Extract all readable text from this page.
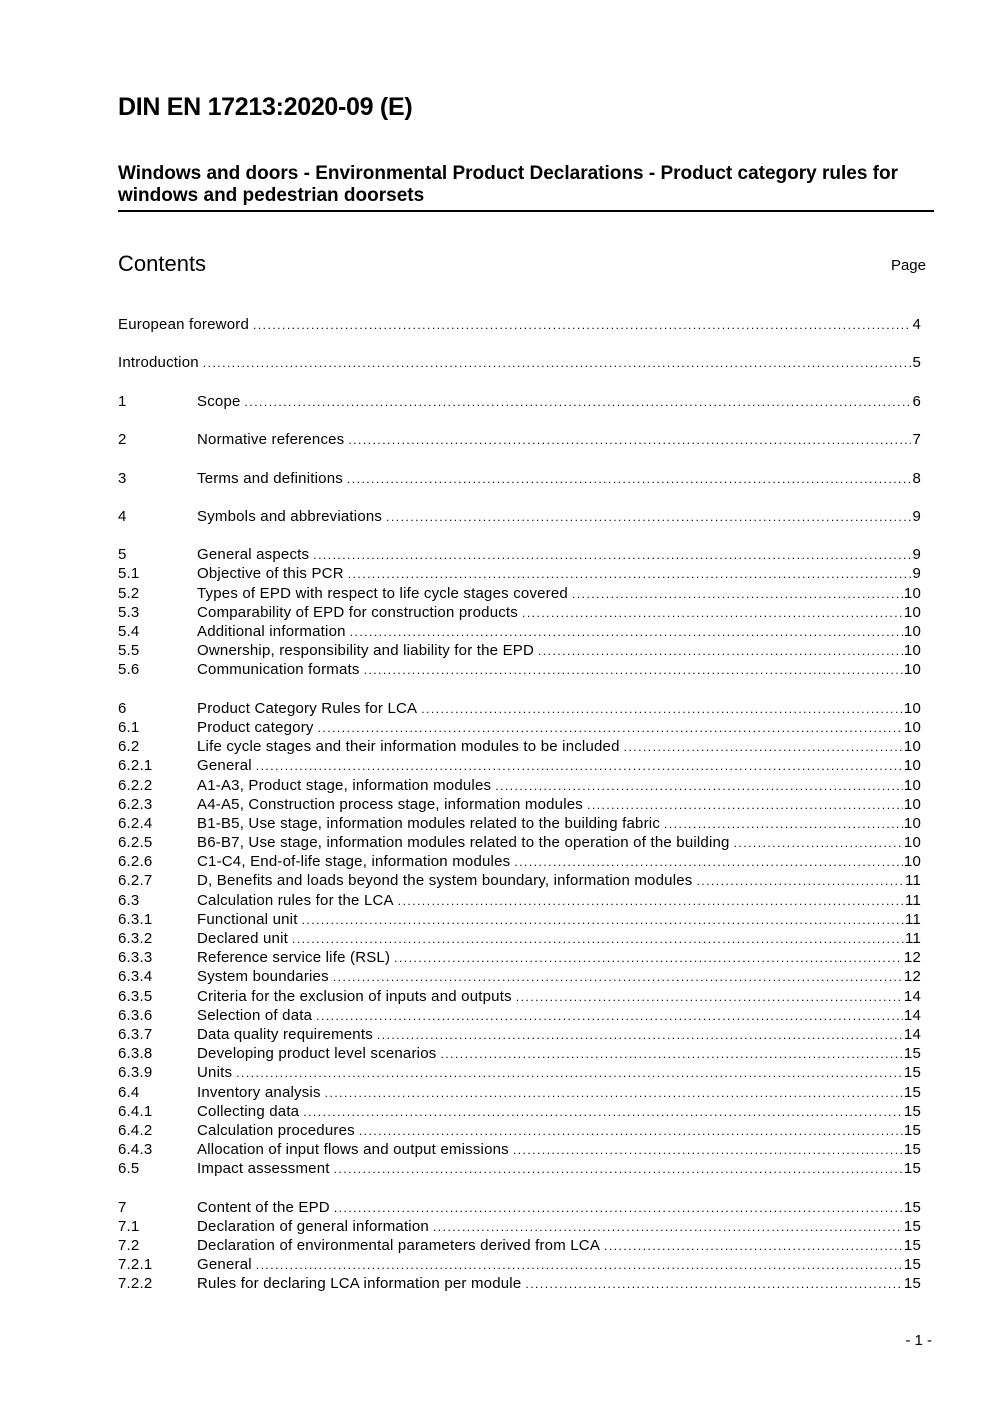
DIN EN 17213:2020-09 (E)
Windows and doors - Environmental Product Declarations - Product category rules for windows and pedestrian doorsets
Contents	Page
European foreword .....	4
Introduction .....	5
1	Scope .....	6
2	Normative references .....	7
3	Terms and definitions .....	8
4	Symbols and abbreviations .....	9
5	General aspects .....	9
5.1	Objective of this PCR .....	9
5.2	Types of EPD with respect to life cycle stages covered .....	10
5.3	Comparability of EPD for construction products .....	10
5.4	Additional information .....	10
5.5	Ownership, responsibility and liability for the EPD .....	10
5.6	Communication formats .....	10
6	Product Category Rules for LCA .....	10
6.1	Product category .....	10
6.2	Life cycle stages and their information modules to be included .....	10
6.2.1	General .....	10
6.2.2	A1-A3, Product stage, information modules .....	10
6.2.3	A4-A5, Construction process stage, information modules .....	10
6.2.4	B1-B5, Use stage, information modules related to the building fabric .....	10
6.2.5	B6-B7, Use stage, information modules related to the operation of the building .....	10
6.2.6	C1-C4, End-of-life stage, information modules .....	10
6.2.7	D, Benefits and loads beyond the system boundary, information modules .....	11
6.3	Calculation rules for the LCA .....	11
6.3.1	Functional unit .....	11
6.3.2	Declared unit .....	11
6.3.3	Reference service life (RSL) .....	12
6.3.4	System boundaries .....	12
6.3.5	Criteria for the exclusion of inputs and outputs .....	14
6.3.6	Selection of data .....	14
6.3.7	Data quality requirements .....	14
6.3.8	Developing product level scenarios .....	15
6.3.9	Units .....	15
6.4	Inventory analysis .....	15
6.4.1	Collecting data .....	15
6.4.2	Calculation procedures .....	15
6.4.3	Allocation of input flows and output emissions .....	15
6.5	Impact assessment .....	15
7	Content of the EPD .....	15
7.1	Declaration of general information .....	15
7.2	Declaration of environmental parameters derived from LCA .....	15
7.2.1	General .....	15
7.2.2	Rules for declaring LCA information per module .....	15
- 1 -
